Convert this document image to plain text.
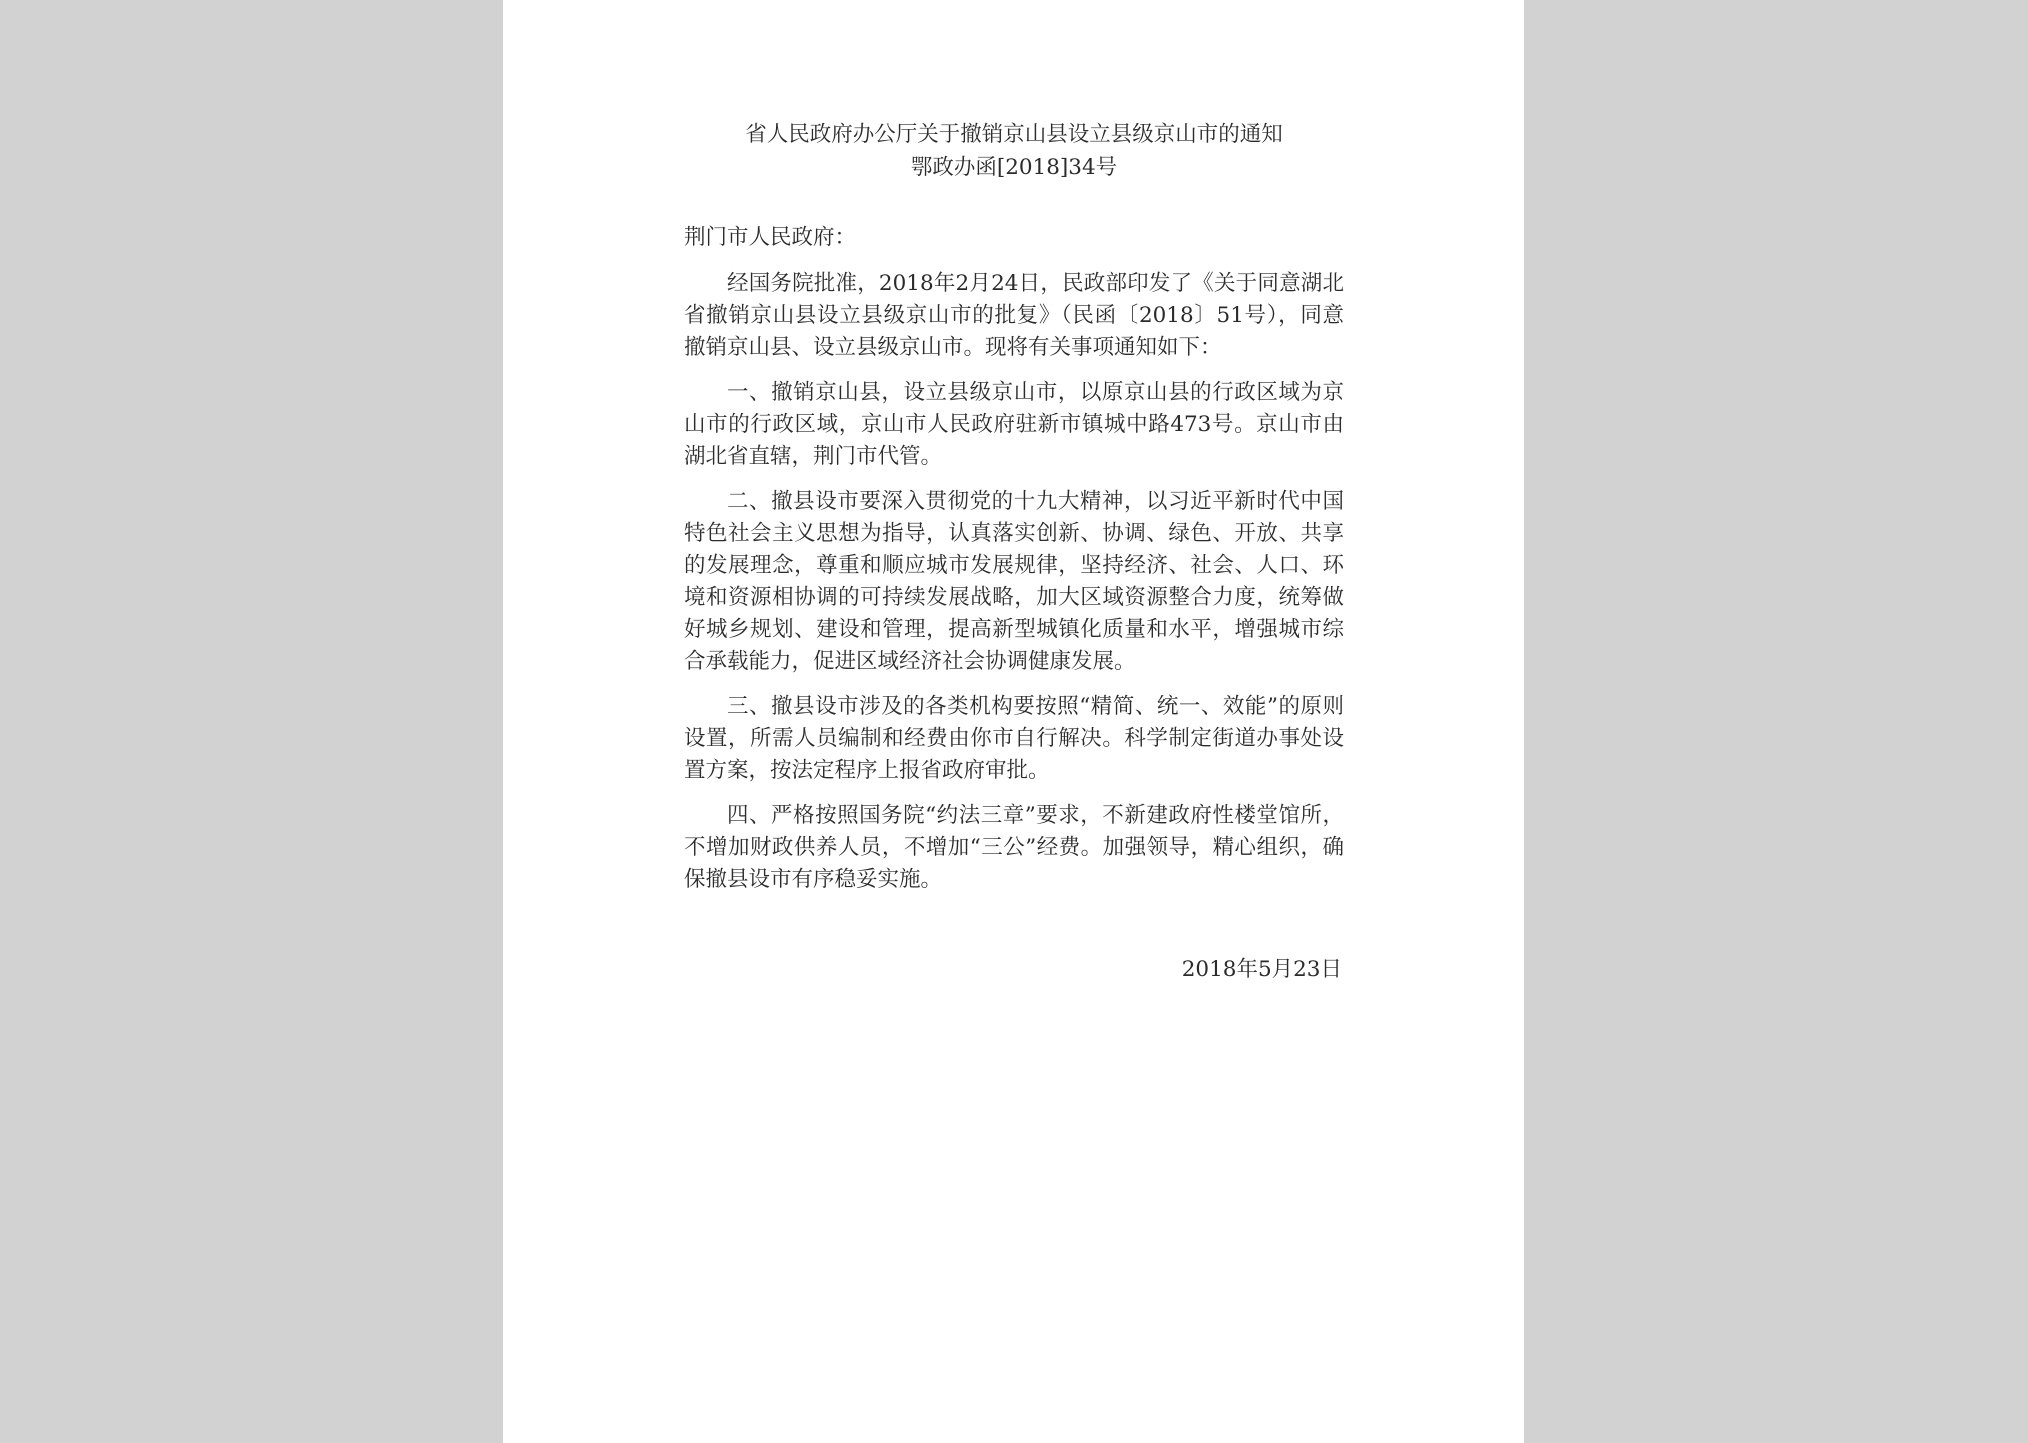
省人民政府办公厅关于撤销京山县设立县级京山市的通知
鄂政办函[2018]34号
荆门市人民政府：

经国务院批准，2018年2月24日，民政部印发了《关于同意湖北省撤销京山县设立县级京山市的批复》（民函〔2018〕51号），同意撤销京山县、设立县级京山市。现将有关事项通知如下：

一、撤销京山县，设立县级京山市，以原京山县的行政区域为京山市的行政区域，京山市人民政府驻新市镇城中路473号。京山市由湖北省直辖，荆门市代管。

二、撤县设市要深入贯彻党的十九大精神，以习近平新时代中国特色社会主义思想为指导，认真落实创新、协调、绿色、开放、共享的发展理念，尊重和顺应城市发展规律，坚持经济、社会、人口、环境和资源相协调的可持续发展战略，加大区域资源整合力度，统筹做好城乡规划、建设和管理，提高新型城镇化质量和水平，增强城市综合承载能力，促进区域经济社会协调健康发展。

三、撤县设市涉及的各类机构要按照“精简、统一、效能”的原则设置，所需人员编制和经费由你市自行解决。科学制定街道办事处设置方案，按法定程序上报省政府审批。

四、严格按照国务院“约法三章”要求，不新建政府性楼堂馆所，不增加财政供养人员，不增加“三公”经费。加强领导，精心组织，确保撤县设市有序稳妥实施。

2018年5月23日
